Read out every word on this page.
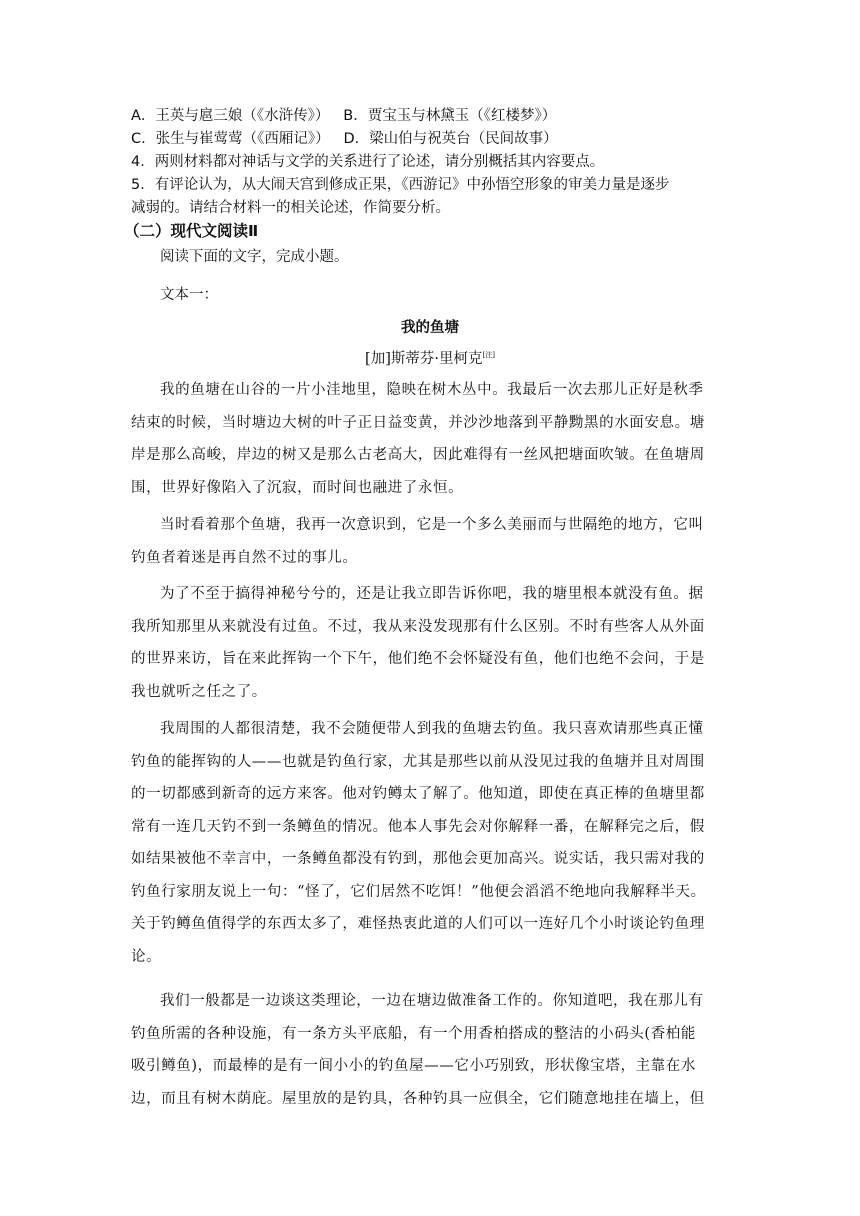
A．王英与扈三娘（《水浒传》） B．贾宝玉与林黛玉（《红楼梦》）
C．张生与崔莺莺（《西厢记》） D．梁山伯与祝英台（民间故事）
4．两则材料都对神话与文学的关系进行了论述，请分别概括其内容要点。
5．有评论认为，从大闹天宫到修成正果，《西游记》中孙悟空形象的审美力量是逐步
减弱的。请结合材料一的相关论述，作简要分析。
（二）现代文阅读Ⅱ
阅读下面的文字，完成小题。
文本一：
我的鱼塘
[加]斯蒂芬·里柯克[注]
我的鱼塘在山谷的一片小洼地里，隐映在树木丛中。我最后一次去那儿正好是秋季
结束的时候，当时塘边大树的叶子正日益变黄，并沙沙地落到平静黝黑的水面安息。塘
岸是那么高峻，岸边的树又是那么古老高大，因此难得有一丝风把塘面吹皱。在鱼塘周
围，世界好像陷入了沉寂，而时间也融进了永恒。
当时看着那个鱼塘，我再一次意识到，它是一个多么美丽而与世隔绝的地方，它叫
钓鱼者着迷是再自然不过的事儿。
为了不至于搞得神秘兮兮的，还是让我立即告诉你吧，我的塘里根本就没有鱼。据
我所知那里从来就没有过鱼。不过，我从来没发现那有什么区别。不时有些客人从外面
的世界来访，旨在来此挥钩一个下午，他们绝不会怀疑没有鱼，他们也绝不会问，于是
我也就听之任之了。
我周围的人都很清楚，我不会随便带人到我的鱼塘去钓鱼。我只喜欢请那些真正懂
钓鱼的能挥钩的人——也就是钓鱼行家，尤其是那些以前从没见过我的鱼塘并且对周围
的一切都感到新奇的远方来客。他对钓鳟太了解了。他知道，即使在真正棒的鱼塘里都
常有一连几天钓不到一条鳟鱼的情况。他本人事先会对你解释一番，在解释完之后，假
如结果被他不幸言中，一条鳟鱼都没有钓到，那他会更加高兴。说实话，我只需对我的
钓鱼行家朋友说上一句：“怪了，它们居然不吃饵！”他便会滔滔不绝地向我解释半天。
关于钓鳟鱼值得学的东西太多了，难怪热衷此道的人们可以一连好几个小时谈论钓鱼理
论。
我们一般都是一边谈这类理论，一边在塘边做准备工作的。你知道吧，我在那儿有
钓鱼所需的各种设施，有一条方头平底船，有一个用香柏搭成的整洁的小码头(香柏能
吸引鳟鱼)，而最棒的是有一间小小的钓鱼屋——它小巧别致，形状像宝塔，主靠在水
边，而且有树木荫庇。屋里放的是钓具，各种钓具一应俱全，它们随意地挂在墙上，但
